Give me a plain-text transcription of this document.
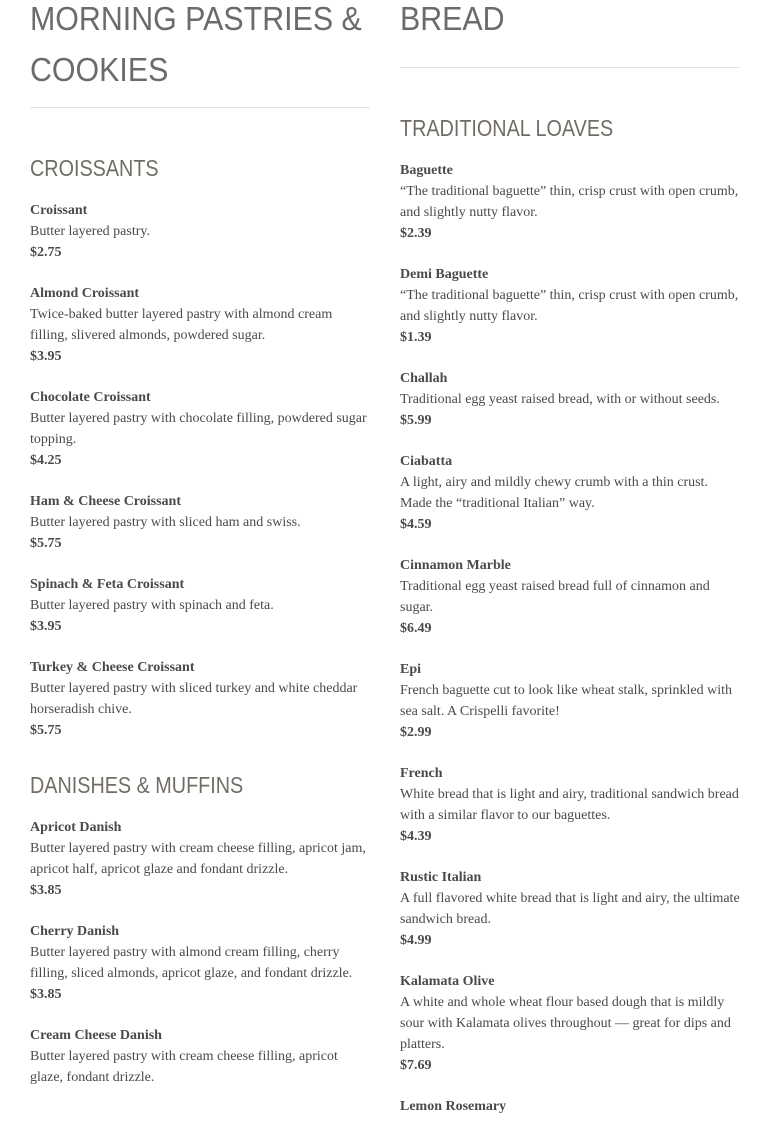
MORNING PASTRIES &
COOKIES
CROISSANTS
Croissant
Butter layered pastry.
$2.75
Almond Croissant
Twice-baked butter layered pastry with almond cream filling, slivered almonds, powdered sugar.
$3.95
Chocolate Croissant
Butter layered pastry with chocolate filling, powdered sugar topping.
$4.25
Ham & Cheese Croissant
Butter layered pastry with sliced ham and swiss.
$5.75
Spinach & Feta Croissant
Butter layered pastry with spinach and feta.
$3.95
Turkey & Cheese Croissant
Butter layered pastry with sliced turkey and white cheddar horseradish chive.
$5.75
DANISHES & MUFFINS
Apricot Danish
Butter layered pastry with cream cheese filling, apricot jam, apricot half, apricot glaze and fondant drizzle.
$3.85
Cherry Danish
Butter layered pastry with almond cream filling, cherry filling, sliced almonds, apricot glaze, and fondant drizzle.
$3.85
Cream Cheese Danish
Butter layered pastry with cream cheese filling, apricot glaze, fondant drizzle.
BREAD
TRADITIONAL LOAVES
Baguette
“The traditional baguette” thin, crisp crust with open crumb, and slightly nutty flavor.
$2.39
Demi Baguette
“The traditional baguette” thin, crisp crust with open crumb, and slightly nutty flavor.
$1.39
Challah
Traditional egg yeast raised bread, with or without seeds.
$5.99
Ciabatta
A light, airy and mildly chewy crumb with a thin crust. Made the “traditional Italian” way.
$4.59
Cinnamon Marble
Traditional egg yeast raised bread full of cinnamon and sugar.
$6.49
Epi
French baguette cut to look like wheat stalk, sprinkled with sea salt. A Crispelli favorite!
$2.99
French
White bread that is light and airy, traditional sandwich bread with a similar flavor to our baguettes.
$4.39
Rustic Italian
A full flavored white bread that is light and airy, the ultimate sandwich bread.
$4.99
Kalamata Olive
A white and whole wheat flour based dough that is mildly sour with Kalamata olives throughout — great for dips and platters.
$7.69
Lemon Rosemary
